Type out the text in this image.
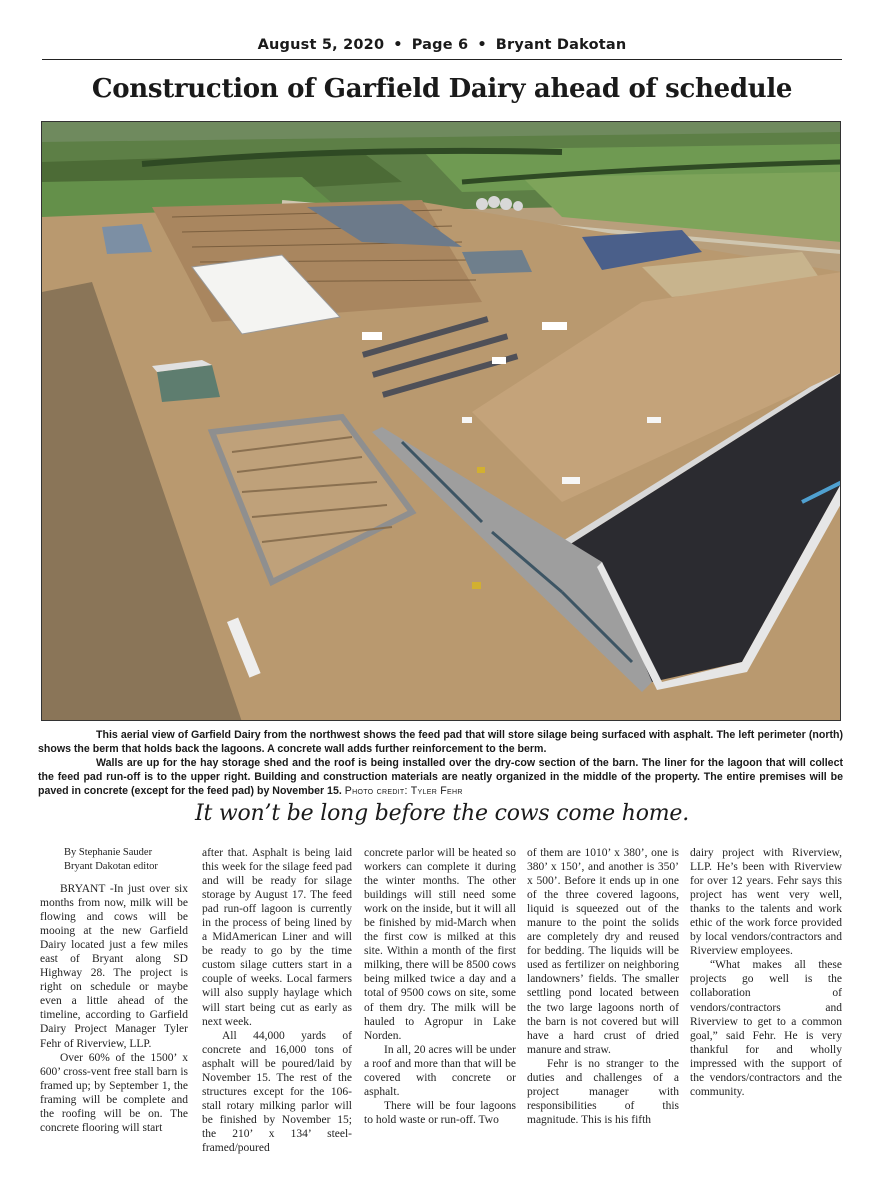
August 5, 2020 • Page 6 • Bryant Dakotan
Construction of Garfield Dairy ahead of schedule

This aerial view of Garfield Dairy from the northwest shows the feed pad that will store silage being surfaced with asphalt. The left perimeter (north) shows the berm that holds back the lagoons. A concrete wall adds further reinforcement to the berm.

Walls are up for the hay storage shed and the roof is being installed over the dry-cow section of the barn. The liner for the lagoon that will collect the feed pad run-off is to the upper right. Building and construction materials are neatly organized in the middle of the property. The entire premises will be paved in concrete (except for the feed pad) by November 15. Photo credit: Tyler Fehr

It won’t be long before the cows come home.
By Stephanie Sauder
Bryant Dakotan editor

BRYANT -In just over six months from now, milk will be flowing and cows will be mooing at the new Garfield Dairy located just a few miles east of Bryant along SD Highway 28. The project is right on schedule or maybe even a little ahead of the timeline, according to Garfield Dairy Project Manager Tyler Fehr of Riverview, LLP.

Over 60% of the 1500’ x 600’ cross-vent free stall barn is framed up; by September 1, the framing will be complete and the roofing will be on. The concrete flooring will start

after that. Asphalt is being laid this week for the silage feed pad and will be ready for silage storage by August 17. The feed pad run-off lagoon is currently in the process of being lined by a MidAmerican Liner and will be ready to go by the time custom silage cutters start in a couple of weeks. Local farmers will also supply haylage which will start being cut as early as next week.

All 44,000 yards of concrete and 16,000 tons of asphalt will be poured/laid by November 15. The rest of the structures except for the 106-stall rotary milking parlor will be finished by November 15; the 210’ x 134’ steel-framed/poured

concrete parlor will be heated so workers can complete it during the winter months. The other buildings will still need some work on the inside, but it will all be finished by mid-March when the first cow is milked at this site. Within a month of the first milking, there will be 8500 cows being milked twice a day and a total of 9500 cows on site, some of them dry. The milk will be hauled to Agropur in Lake Norden.

In all, 20 acres will be under a roof and more than that will be covered with concrete or asphalt.

There will be four lagoons to hold waste or run-off. Two

of them are 1010’ x 380’, one is 380’ x 150’, and another is 350’ x 500’. Before it ends up in one of the three covered lagoons, liquid is squeezed out of the manure to the point the solids are completely dry and reused for bedding. The liquids will be used as fertilizer on neighboring landowners’ fields. The smaller settling pond located between the two large lagoons north of the barn is not covered but will have a hard crust of dried manure and straw.

Fehr is no stranger to the duties and challenges of a project manager with responsibilities of this magnitude. This is his fifth

dairy project with Riverview, LLP. He’s been with Riverview for over 12 years. Fehr says this project has went very well, thanks to the talents and work ethic of the work force provided by local vendors/contractors and Riverview employees.

“What makes all these projects go well is the collaboration of vendors/contractors and Riverview to get to a common goal,” said Fehr. He is very thankful for and wholly impressed with the support of the vendors/contractors and the community.
